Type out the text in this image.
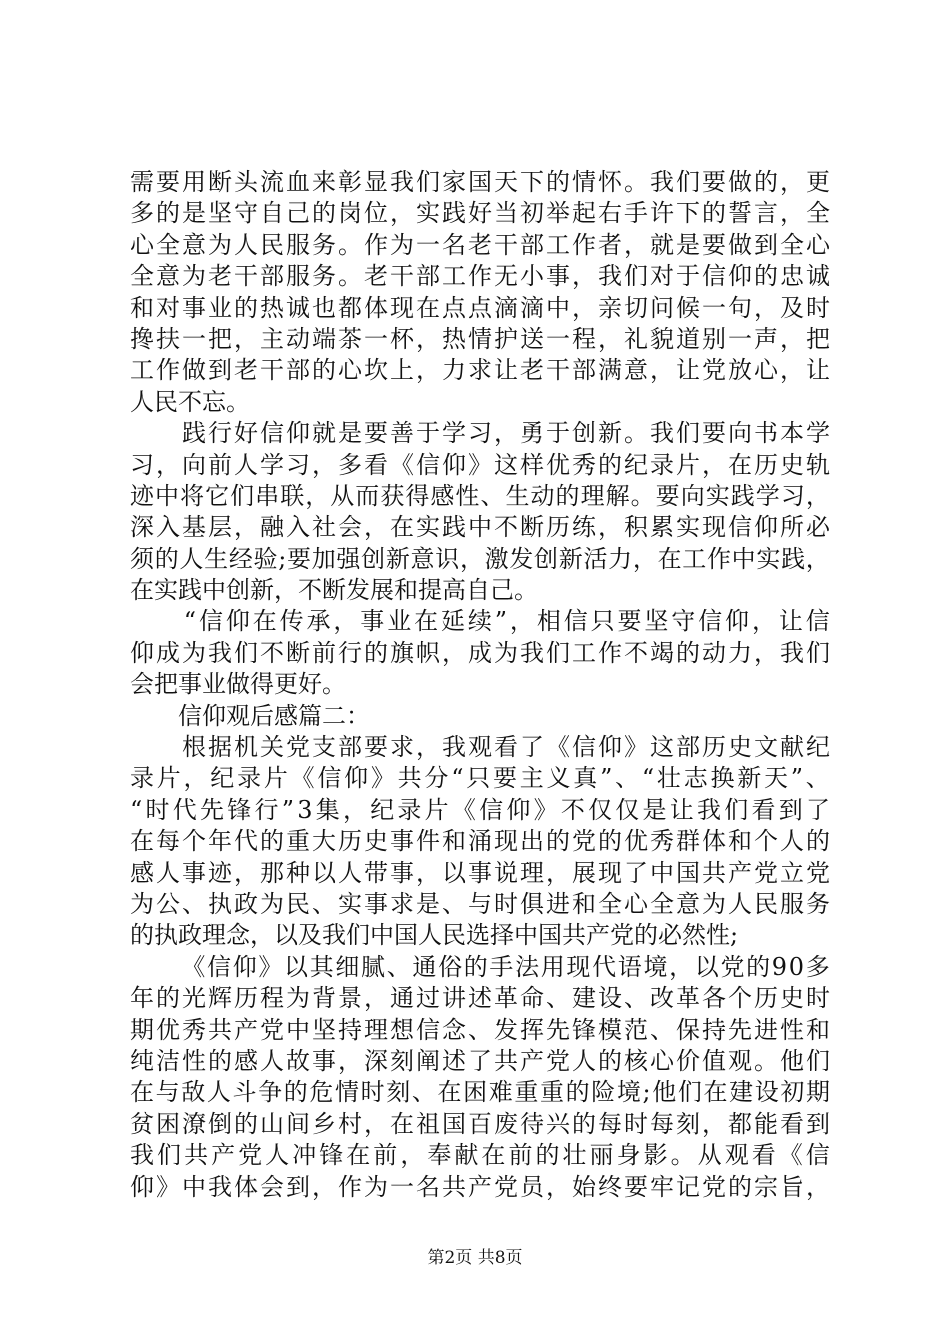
需 要 用 断 头 流 血 来 彰 显 我 们 家 国 天 下 的 情 怀 。 我 们 要 做 的 ， 更
多 的 是 坚 守 自 己 的 岗 位 ， 实 践 好 当 初 举 起 右 手 许 下 的 誓 言 ， 全
心 全 意 为 人 民 服 务 。 作 为 一 名 老 干 部 工 作 者 ， 就 是 要 做 到 全 心
全 意 为 老 干 部 服 务 。 老 干 部 工 作 无 小 事 ， 我 们 对 于 信 仰 的 忠 诚
和 对 事 业 的 热 诚 也 都 体 现 在 点 点 滴 滴 中 ， 亲 切 问 候 一 句 ， 及 时
搀 扶 一 把 ， 主 动 端 茶 一 杯 ， 热 情 护 送 一 程 ， 礼 貌 道 别 一 声 ， 把
工 作 做 到 老 干 部 的 心 坎 上 ， 力 求 让 老 干 部 满 意 ， 让 党 放 心 ， 让
人民不忘。

践 行 好 信 仰 就 是 要 善 于 学 习 ， 勇 于 创 新 。 我 们 要 向 书 本 学
习 ， 向 前 人 学 习 ， 多 看 《 信 仰 》 这 样 优 秀 的 纪 录 片 ， 在 历 史 轨
迹 中 将 它 们 串 联 ， 从 而 获 得 感 性 、 生 动 的 理 解 。 要 向 实 践 学 习 ，
深 入 基 层 ， 融 入 社 会 ， 在 实 践 中 不 断 历 练 ， 积 累 实 现 信 仰 所 必
须 的 人 生 经 验 ; 要 加 强 创 新 意 识 ， 激 发 创 新 活 力 ， 在 工 作 中 实 践 ，
在实践中创新，不断发展和提高自己。

“ 信 仰 在 传 承 ， 事 业 在 延 续 ” ， 相 信 只 要 坚 守 信 仰 ， 让 信
仰 成 为 我 们 不 断 前 行 的 旗 帜 ， 成 为 我 们 工 作 不 竭 的 动 力 ， 我 们
会把事业做得更好。
　　信仰观后感篇二：

根 据 机 关 党 支 部 要 求 ， 我 观 看 了 《 信 仰 》 这 部 历 史 文 献 纪
录 片 ， 纪 录 片 《 信 仰 》 共 分 “ 只 要 主 义 真 ” 、 “ 壮 志 换 新 天 ” 、
“ 时 代 先 锋 行 ” 3 集 ， 纪 录 片 《 信 仰 》 不 仅 仅 是 让 我 们 看 到 了
在 每 个 年 代 的 重 大 历 史 事 件 和 涌 现 出 的 党 的 优 秀 群 体 和 个 人 的
感 人 事 迹 ， 那 种 以 人 带 事 ， 以 事 说 理 ， 展 现 了 中 国 共 产 党 立 党
为 公 、 执 政 为 民 、 实 事 求 是 、 与 时 俱 进 和 全 心 全 意 为 人 民 服 务
的执政理念，以及我们中国人民选择中国共产党的必然性;

《 信 仰 》 以 其 细 腻 、 通 俗 的 手 法 用 现 代 语 境 ， 以 党 的 9 0 多
年 的 光 辉 历 程 为 背 景 ， 通 过 讲 述 革 命 、 建 设 、 改 革 各 个 历 史 时
期 优 秀 共 产 党 中 坚 持 理 想 信 念 、 发 挥 先 锋 模 范 、 保 持 先 进 性 和
纯 洁 性 的 感 人 故 事 ， 深 刻 阐 述 了 共 产 党 人 的 核 心 价 值 观 。 他 们
在 与 敌 人 斗 争 的 危 情 时 刻 、 在 困 难 重 重 的 险 境 ; 他 们 在 建 设 初 期
贫 困 潦 倒 的 山 间 乡 村 ， 在 祖 国 百 废 待 兴 的 每 时 每 刻 ， 都 能 看 到
我 们 共 产 党 人 冲 锋 在 前 ， 奉 献 在 前 的 壮 丽 身 影 。 从 观 看 《 信
仰 》 中 我 体 会 到 ， 作 为 一 名 共 产 党 员 ， 始 终 要 牢 记 党 的 宗 旨 ，
第2页 共8页
